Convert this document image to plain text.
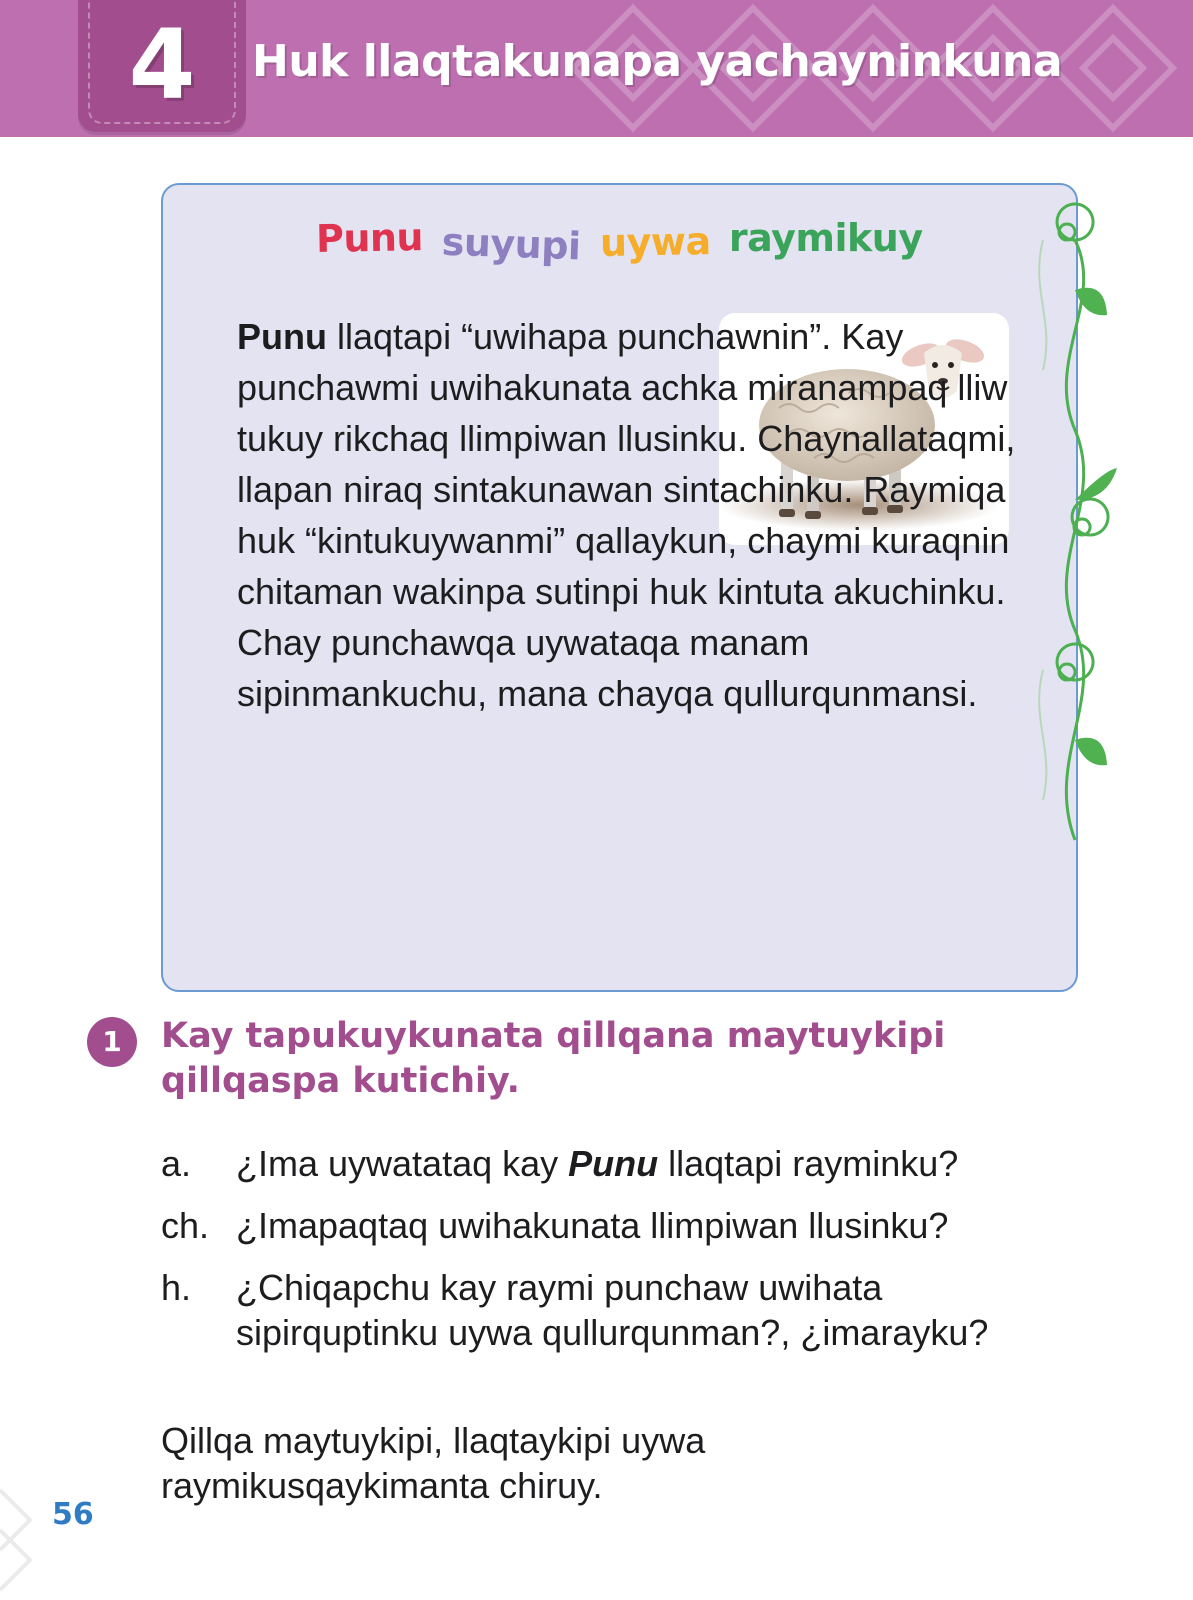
4	Huk llaqtakunapa yachayninkuna
Punu suyupi uywa raymikuy

Punu llaqtapi “uwihapa punchawnin”. Kay punchawmi uwihakunata achka miranampaq lliw tukuy rikchaq llimpiwan llusinku. Chaynallataqmi, llapan niraq sintakunawan sintachinku. Raymiqa huk “kintukuywanmi” qallaykun, chaymi kuraqnin chitaman wakinpa sutinpi huk kintuta akuchinku. Chay punchawqa uywataqa manam sipinmankuchu, mana chayqa qullurqunmansi.

1	Kay tapukuykunata qillqana maytuykipi qillqaspa kutichiy.

a. ¿Ima uywatataq kay Punu llaqtapi rayminku?
ch. ¿Imapaqtaq uwihakunata llimpiwan llusinku?
h. ¿Chiqapchu kay raymi punchaw uwihata sipirquptinku uywa qullurqunman?, ¿imarayku?

Qillqa maytuykipi, llaqtaykipi uywa raymikusqaykimanta chiruy.

56
